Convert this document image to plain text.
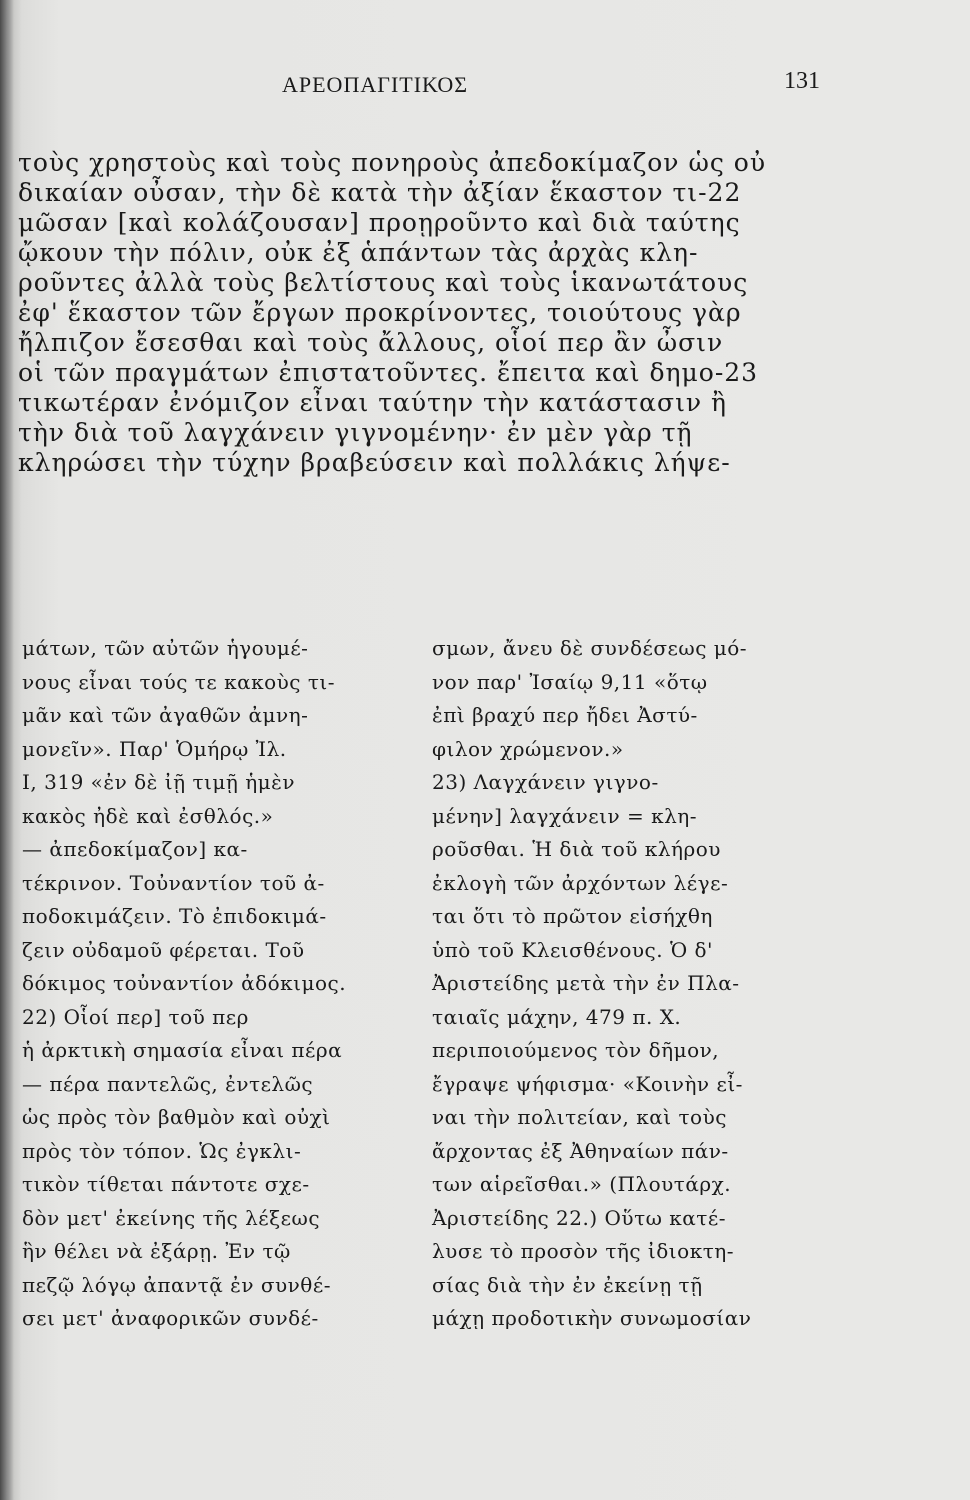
ΑΡΕΟΠΑΓΙΤΙΚΟΣ	131
τοὺς χρηστοὺς καὶ τοὺς πονηροὺς ἀπεδοκίμαζον ὡς οὐ
δικαίαν οὖσαν, τὴν δὲ κατὰ τὴν ἀξίαν ἕκαστον τι-22
μῶσαν [καὶ κολάζουσαν] προῃροῦντο καὶ διὰ ταύτης
ᾤκουν τὴν πόλιν, οὐκ ἐξ ἁπάντων τὰς ἀρχὰς κλη-
ροῦντες ἀλλὰ τοὺς βελτίστους καὶ τοὺς ἱκανωτάτους
ἐφ' ἕκαστον τῶν ἔργων προκρίνοντες, τοιούτους γὰρ
ἤλπιζον ἔσεσθαι καὶ τοὺς ἄλλους, οἷοί περ ἂν ὦσιν
οἱ τῶν πραγμάτων ἐπιστατοῦντες. ἔπειτα καὶ δημο-23
τικωτέραν ἐνόμιζον εἶναι ταύτην τὴν κατάστασιν ἢ
τὴν διὰ τοῦ λαγχάνειν γιγνομένην· ἐν μὲν γὰρ τῇ
κληρώσει τὴν τύχην βραβεύσειν καὶ πολλάκις λήψε-
μάτων, τῶν αὐτῶν ἡγουμέ-
νους εἶναι τούς τε κακοὺς τι-
μᾶν καὶ τῶν ἀγαθῶν ἀμνη-
μονεῖν». Παρ' Ὁμήρῳ Ἰλ.
Ι, 319 «ἐν δὲ ἰῇ τιμῇ ἡμὲν
κακὸς ἠδὲ καὶ ἐσθλός.»
— ἀπεδοκίμαζον] κα-
τέκρινον. Τοὐναντίον τοῦ ἀ-
ποδοκιμάζειν. Τὸ ἐπιδοκιμά-
ζειν οὐδαμοῦ φέρεται. Τοῦ
δόκιμος τοὐναντίον ἀδόκιμος.
22) Οἷοί περ] τοῦ περ
ἡ ἀρκτικὴ σημασία εἶναι πέρα
— πέρα παντελῶς, ἐντελῶς
ὡς πρὸς τὸν βαθμὸν καὶ οὐχὶ
πρὸς τὸν τόπον. Ὡς ἐγκλι-
τικὸν τίθεται πάντοτε σχε-
δὸν μετ' ἐκείνης τῆς λέξεως
ἣν θέλει νὰ ἐξάρῃ. Ἐν τῷ
πεζῷ λόγῳ ἀπαντᾷ ἐν συνθέ-
σει μετ' ἀναφορικῶν συνδέ-
σμων, ἄνευ δὲ συνδέσεως μό-
νον παρ' Ἰσαίῳ 9,11 «ὅτῳ
ἐπὶ βραχύ περ ἤδει Ἀστύ-
φιλον χρώμενον.»
23) Λαγχάνειν γιγνο-
μένην] λαγχάνειν = κλη-
ροῦσθαι. Ἡ διὰ τοῦ κλήρου
ἐκλογὴ τῶν ἀρχόντων λέγε-
ται ὅτι τὸ πρῶτον εἰσήχθη
ὑπὸ τοῦ Κλεισθένους. Ὁ δ'
Ἀριστείδης μετὰ τὴν ἐν Πλα-
ταιαῖς μάχην, 479 π. Χ.
περιποιούμενος τὸν δῆμον,
ἔγραψε ψήφισμα· «Κοινὴν εἶ-
ναι τὴν πολιτείαν, καὶ τοὺς
ἄρχοντας ἐξ Ἀθηναίων πάν-
των αἱρεῖσθαι.» (Πλουτάρχ.
Ἀριστείδης 22.) Οὕτω κατέ-
λυσε τὸ προσὸν τῆς ἰδιοκτη-
σίας διὰ τὴν ἐν ἐκείνῃ τῇ
μάχῃ προδοτικὴν συνωμοσίαν
